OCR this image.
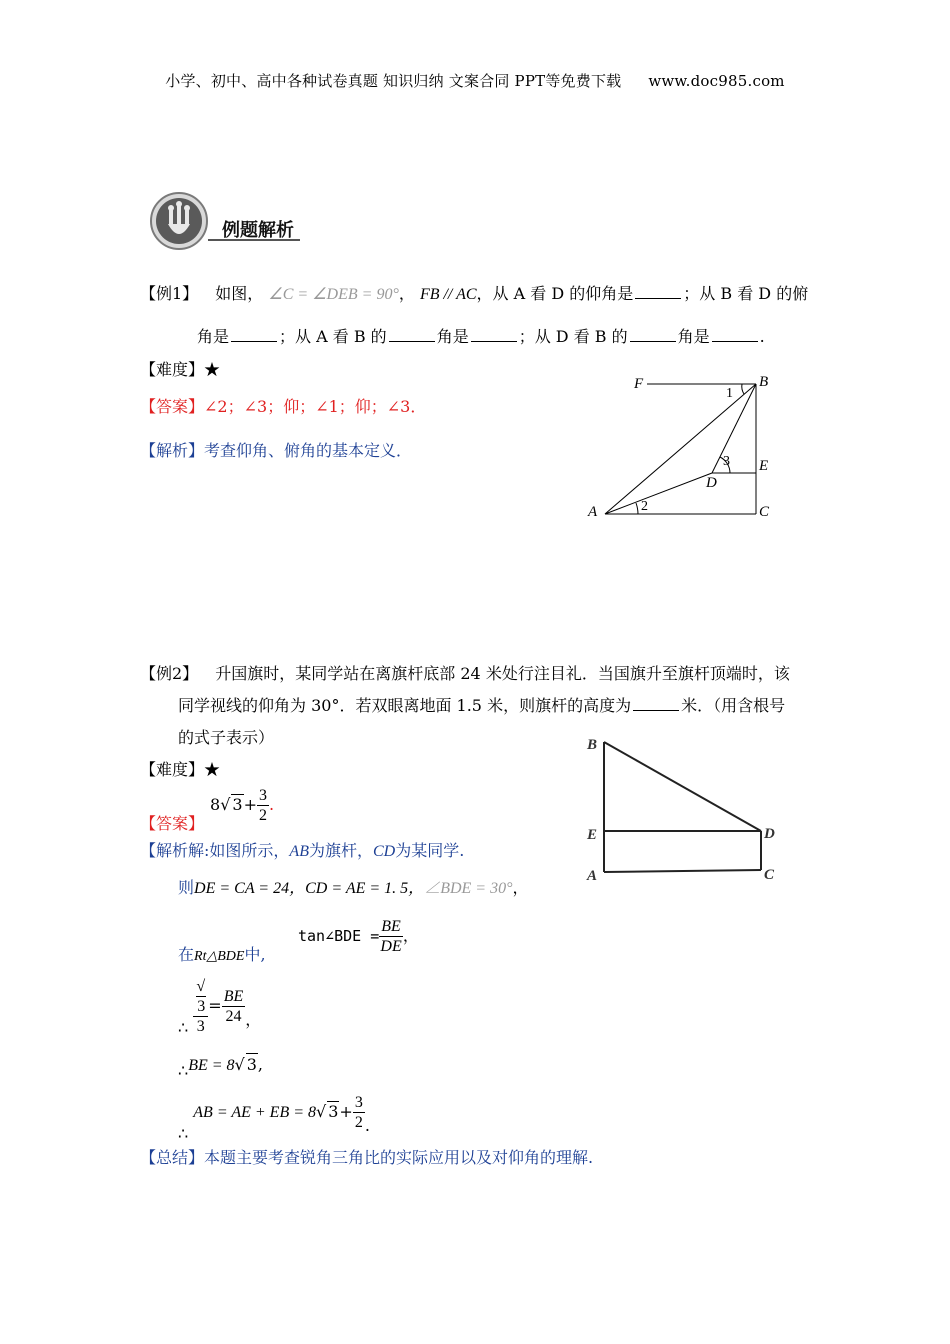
小学、初中、高中各种试卷真题 知识归纳 文案合同 PPT等免费下载 www.doc985.com
例题解析
【例1】 如图， ∠C = ∠DEB = 90°， FB // AC，从 A 看 D 的仰角是	；从 B 看 D 的俯
角是	；从 A 看 B 的	角是	；从 D 看 B 的	角是	.
【难度】★
【答案】∠2；∠3；仰；∠1；仰；∠3．
【解析】考查仰角、俯角的基本定义．
F	B
E
D
A	C
1
2
3
【例2】 升国旗时，某同学站在离旗杆底部 24 米处行注目礼．当国旗升至旗杆顶端时，该
同学视线的仰角为 30°．若双眼离地面 1.5 米，则旗杆的高度为	米．（用含根号
的式子表示）
【难度】★
【答案】
8√ $3+ \frac{3}{2}$ .
【解析解:如图所示，AB为旗杆，CD为某同学.
则DE = CA = 24，CD = AE = 1. 5，∠BDE = 30°，
在Rt△BDE中,
tan∠BDE = $\frac{BE}{DE}$ ，
∴ √
3
$3 = \frac{BE}{24}$ ，
∴BE = 8√ 3,
∴ AB = AE + EB = 8√ $3+ \frac{3}{2}$ .
【总结】本题主要考查锐角三角比的实际应用以及对仰角的理解.
B
E
A
D
C
